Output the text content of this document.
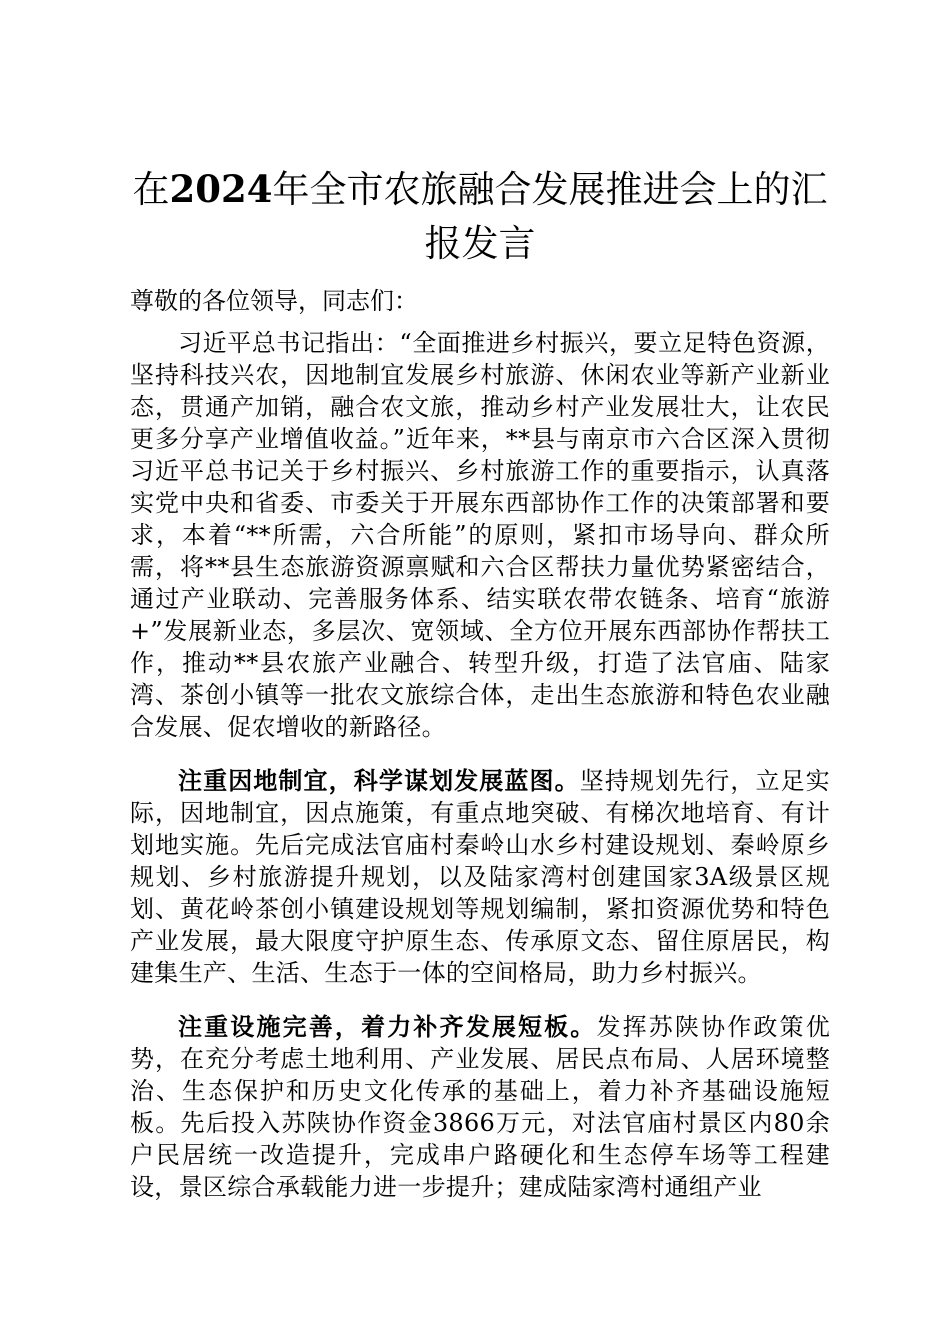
在2024年全市农旅融合发展推进会上的汇报发言

尊敬的各位领导，同志们：

习近平总书记指出：“全面推进乡村振兴，要立足特色资源，坚持科技兴农，因地制宜发展乡村旅游、休闲农业等新产业新业态，贯通产加销，融合农文旅，推动乡村产业发展壮大，让农民更多分享产业增值收益。”近年来，**县与南京市六合区深入贯彻习近平总书记关于乡村振兴、乡村旅游工作的重要指示，认真落实党中央和省委、市委关于开展东西部协作工作的决策部署和要求，本着“**所需，六合所能”的原则，紧扣市场导向、群众所需，将**县生态旅游资源禀赋和六合区帮扶力量优势紧密结合，通过产业联动、完善服务体系、结实联农带农链条、培育“旅游+”发展新业态，多层次、宽领域、全方位开展东西部协作帮扶工作，推动**县农旅产业融合、转型升级，打造了法官庙、陆家湾、茶创小镇等一批农文旅综合体，走出生态旅游和特色农业融合发展、促农增收的新路径。

注重因地制宜，科学谋划发展蓝图。坚持规划先行，立足实际，因地制宜，因点施策，有重点地突破、有梯次地培育、有计划地实施。先后完成法官庙村秦岭山水乡村建设规划、秦岭原乡规划、乡村旅游提升规划，以及陆家湾村创建国家3A级景区规划、黄花岭茶创小镇建设规划等规划编制，紧扣资源优势和特色产业发展，最大限度守护原生态、传承原文态、留住原居民，构建集生产、生活、生态于一体的空间格局，助力乡村振兴。

注重设施完善，着力补齐发展短板。发挥苏陕协作政策优势，在充分考虑土地利用、产业发展、居民点布局、人居环境整治、生态保护和历史文化传承的基础上，着力补齐基础设施短板。先后投入苏陕协作资金3866万元，对法官庙村景区内80余户民居统一改造提升，完成串户路硬化和生态停车场等工程建设，景区综合承载能力进一步提升；建成陆家湾村通组产业
